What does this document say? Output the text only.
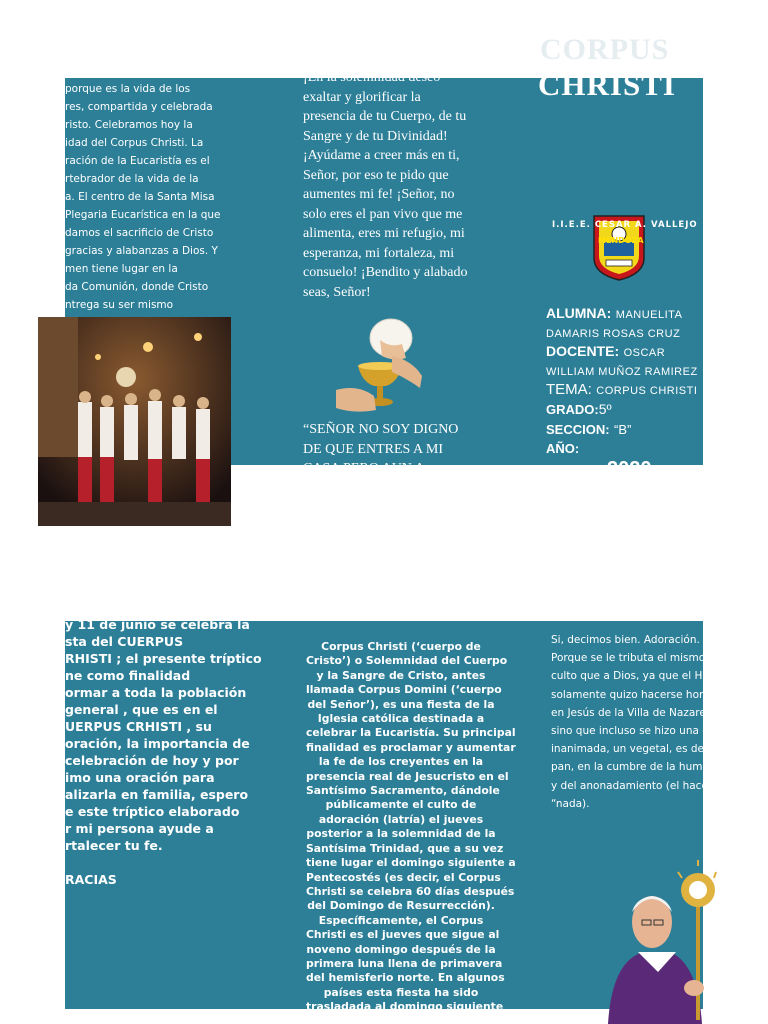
porque es la vida de los
res, compartida y celebrada
risto. Celebramos hoy la
idad del Corpus Christi. La
ración de la Eucaristía es el
rtebrador de la vida de la
a. El centro de la Santa Misa
Plegaria Eucarística en la que
damos el sacrificio de Cristo
gracias y alabanzas a Dios. Y
men tiene lugar en la
da Comunión, donde Cristo
ntrega su ser mismo
¡En la solemnidad deseo
exaltar y glorificar la
presencia de tu Cuerpo, de tu
Sangre y de tu Divinidad!
¡Ayúdame a creer más en ti,
Señor, por eso te pido que
aumentes mi fe! ¡Señor, no
solo eres el pan vivo que me
alimenta, eres mi refugio, mi
esperanza, mi fortaleza, mi
consuelo! ¡Bendito y alabado
seas, Señor!
“SEÑOR NO SOY DIGNO
DE QUE ENTRES A MI
CASA PERO AUN A
CORPUS
CHRISTI
I.I.E.E. CESAR A. VALLEJO
MENDOZA
ALUMNA: MANUELITA
DAMARIS ROSAS CRUZ
DOCENTE: OSCAR
WILLIAM MUÑOZ RAMIREZ
TEMA: CORPUS CHRISTI
GRADO:5º
SECCION: “B”
AÑO:
2020
y 11 de junio se celebra la
sta del CUERPUS
RHISTI ; el presente tríptico
ne como finalidad
ormar a toda la población
general , que es en el
UERPUS CRHISTI , su
oración, la importancia de
celebración de hoy y por
imo una oración para
alizarla en familia, espero
e este tríptico elaborado
r mi persona ayude a
rtalecer tu fe.

RACIAS
CUERPUS CRHISTI:
Corpus Christi (‘cuerpo de
Cristo’) o Solemnidad del Cuerpo
y la Sangre de Cristo, antes
llamada Corpus Domini (‘cuerpo
del Señor’), es una fiesta de la
Iglesia católica destinada a
celebrar la Eucaristía. Su principal
finalidad es proclamar y aumentar
la fe de los creyentes en la
presencia real de Jesucristo en el
Santísimo Sacramento, dándole
públicamente el culto de
adoración (latría) el jueves
posterior a la solemnidad de la
Santísima Trinidad, que a su vez
tiene lugar el domingo siguiente a
Pentecostés (es decir, el Corpus
Christi se celebra 60 días después
del Domingo de Resurrección).
Específicamente, el Corpus
Christi es el jueves que sigue al
noveno domingo después de la
primera luna llena de primavera
del hemisferio norte. En algunos
países esta fiesta ha sido
trasladada al domingo siguiente
Si, decimos bien. Adoración.
Porque se le tributa el mismo
culto que a Dios, ya que el Hijo
solamente quizo hacerse hom
en Jesús de la Villa de Nazaret
sino que incluso se hizo una c
inanimada, un vegetal, es dec
pan, en la cumbre de la humi
y del anonadamiento (el hace
“nada).
